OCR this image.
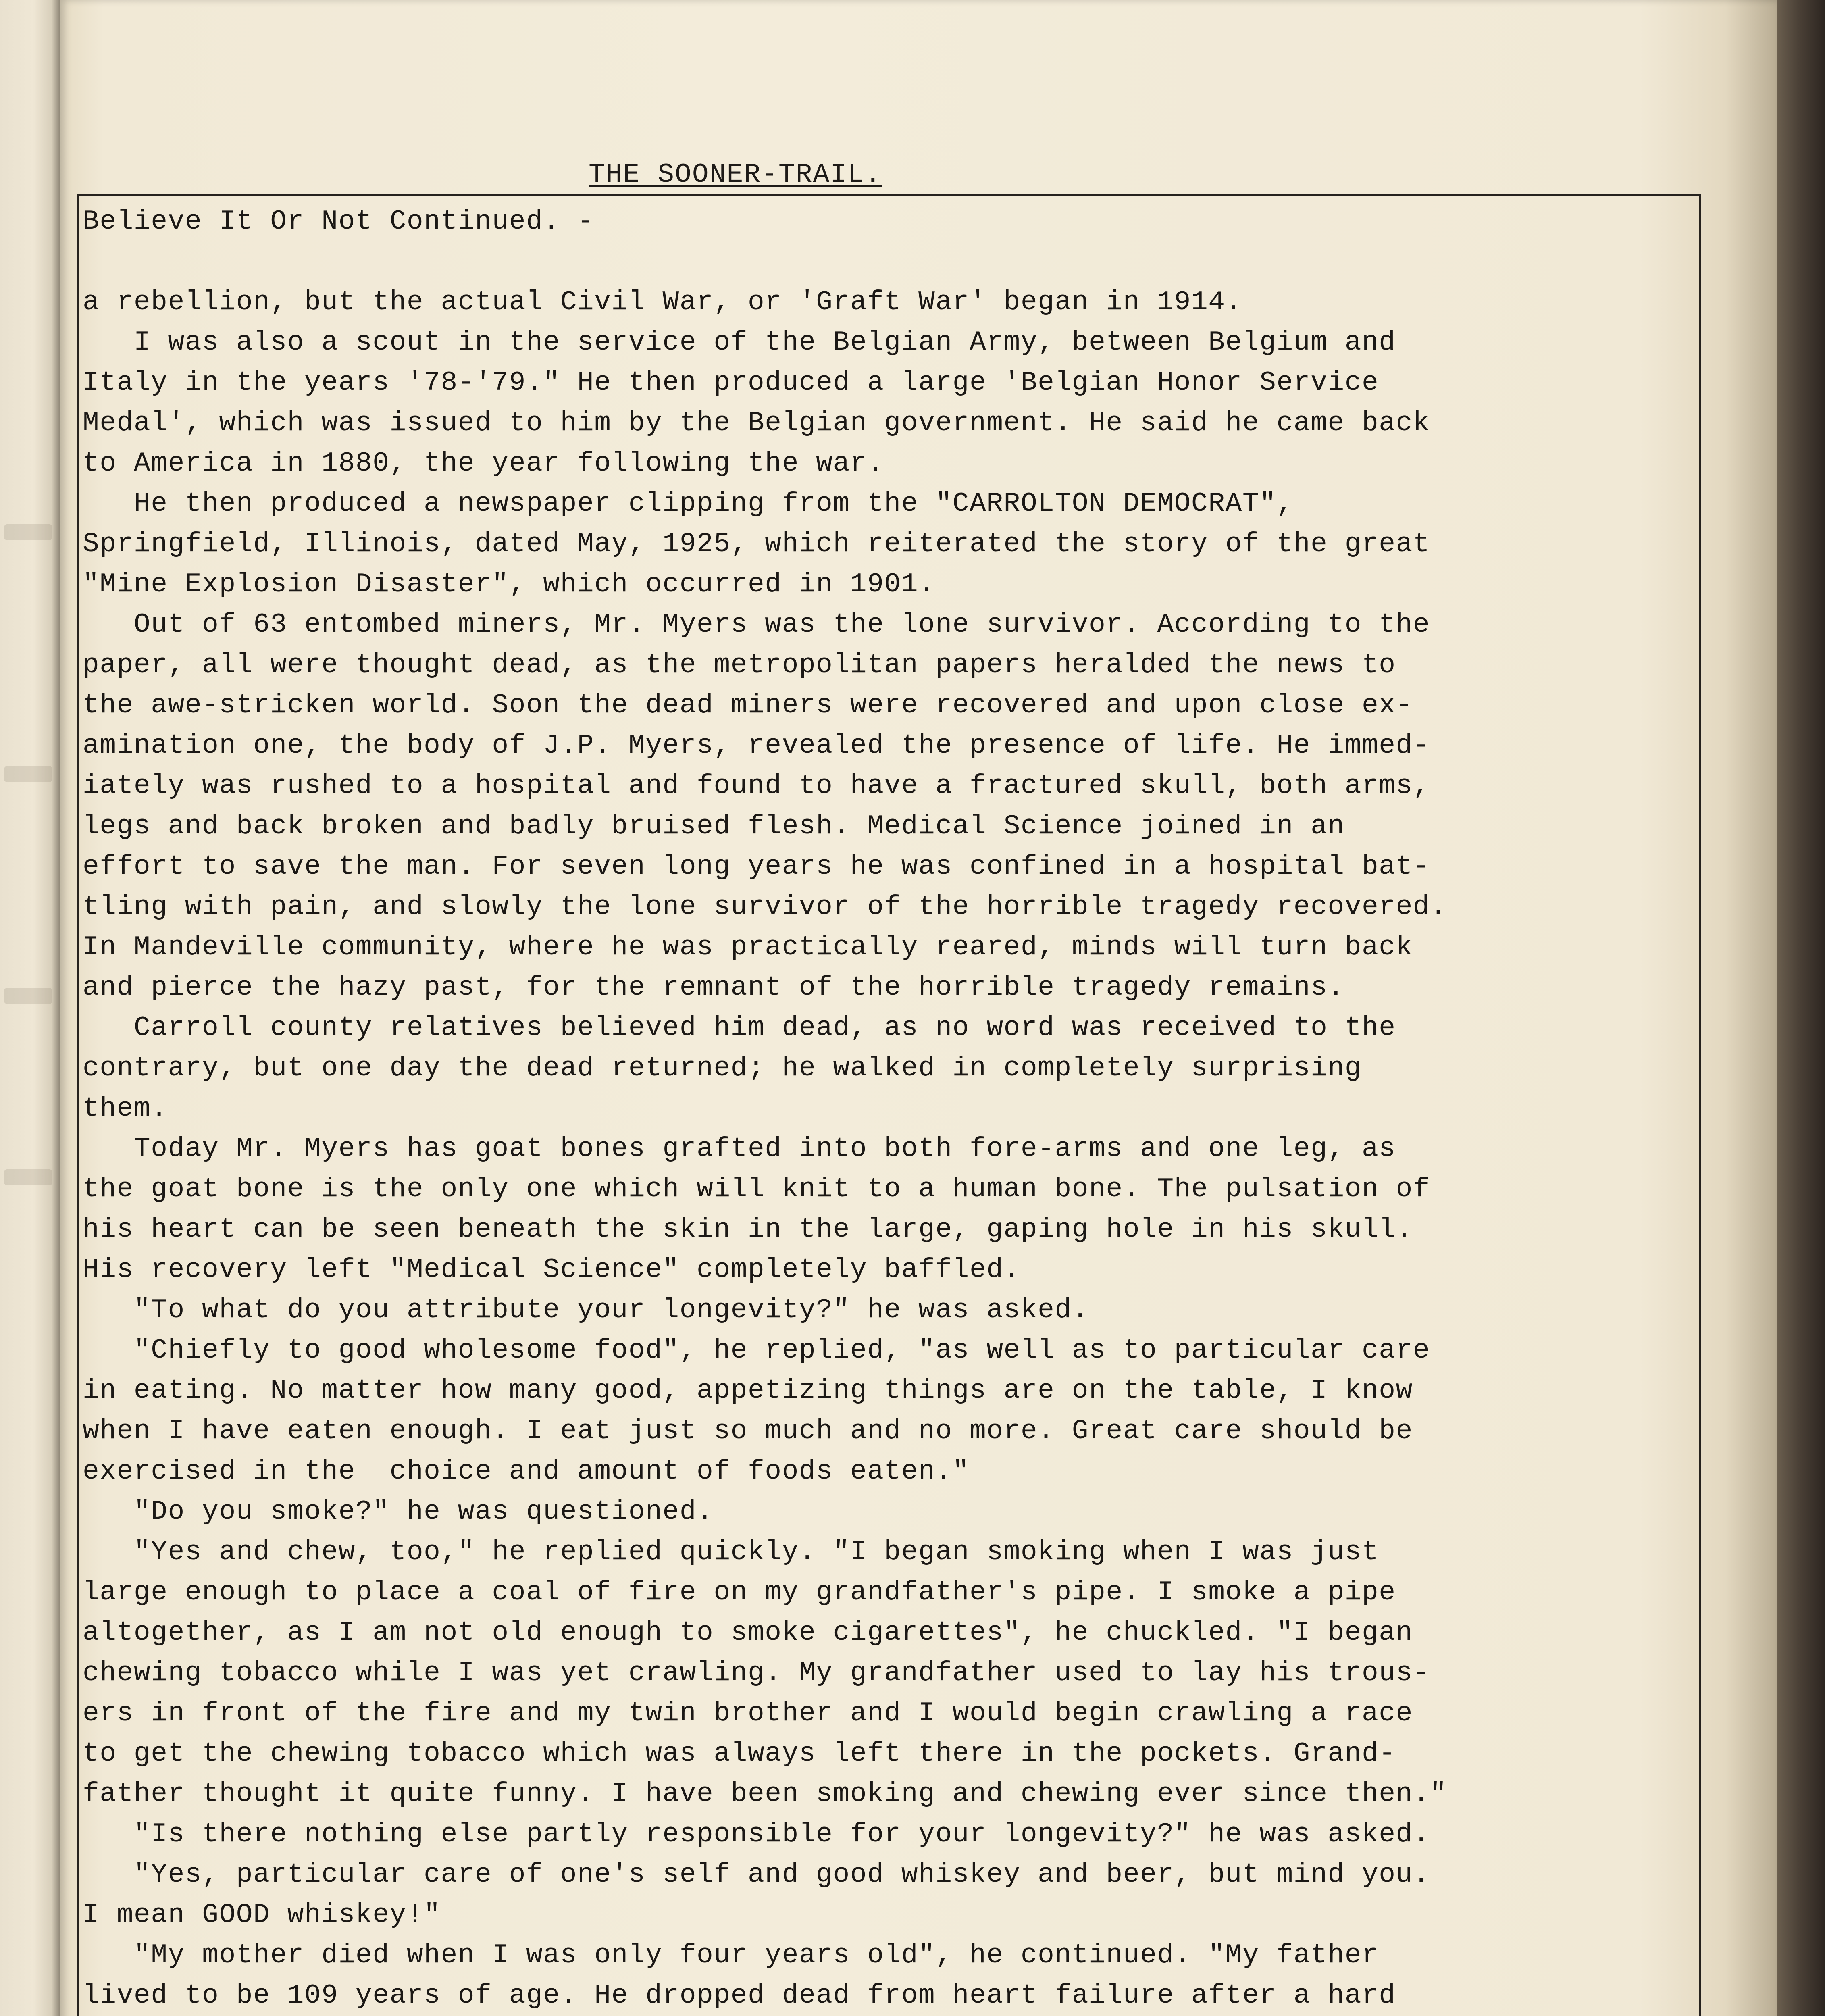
THE SOONER-TRAIL.
Believe It Or Not Continued. -
a rebellion, but the actual Civil War, or 'Graft War' began in 1914.
I was also a scout in the service of the Belgian Army, between Belgium and
Italy in the years '78-'79." He then produced a large 'Belgian Honor Service
Medal', which was issued to him by the Belgian government. He said he came back
to America in 1880, the year following the war.
He then produced a newspaper clipping from the "CARROLTON DEMOCRAT",
Springfield, Illinois, dated May, 1925, which reiterated the story of the great
"Mine Explosion Disaster", which occurred in 1901.
Out of 63 entombed miners, Mr. Myers was the lone survivor. According to the
paper, all were thought dead, as the metropolitan papers heralded the news to
the awe-stricken world. Soon the dead miners were recovered and upon close ex-
amination one, the body of J.P. Myers, revealed the presence of life. He immed-
iately was rushed to a hospital and found to have a fractured skull, both arms,
legs and back broken and badly bruised flesh. Medical Science joined in an
effort to save the man. For seven long years he was confined in a hospital bat-
tling with pain, and slowly the lone survivor of the horrible tragedy recovered.
In Mandeville community, where he was practically reared, minds will turn back
and pierce the hazy past, for the remnant of the horrible tragedy remains.
Carroll county relatives believed him dead, as no word was received to the
contrary, but one day the dead returned; he walked in completely surprising
them.
Today Mr. Myers has goat bones grafted into both fore-arms and one leg, as
the goat bone is the only one which will knit to a human bone. The pulsation of
his heart can be seen beneath the skin in the large, gaping hole in his skull.
His recovery left "Medical Science" completely baffled.
"To what do you attribute your longevity?" he was asked.
"Chiefly to good wholesome food", he replied, "as well as to particular care
in eating. No matter how many good, appetizing things are on the table, I know
when I have eaten enough. I eat just so much and no more. Great care should be
exercised in the  choice and amount of foods eaten."
"Do you smoke?" he was questioned.
"Yes and chew, too," he replied quickly. "I began smoking when I was just
large enough to place a coal of fire on my grandfather's pipe. I smoke a pipe
altogether, as I am not old enough to smoke cigarettes", he chuckled. "I began
chewing tobacco while I was yet crawling. My grandfather used to lay his trous-
ers in front of the fire and my twin brother and I would begin crawling a race
to get the chewing tobacco which was always left there in the pockets. Grand-
father thought it quite funny. I have been smoking and chewing ever since then."
"Is there nothing else partly responsible for your longevity?" he was asked.
"Yes, particular care of one's self and good whiskey and beer, but mind you.
I mean GOOD whiskey!"
"My mother died when I was only four years old", he continued. "My father
lived to be 109 years of age. He dropped dead from heart failure after a hard
